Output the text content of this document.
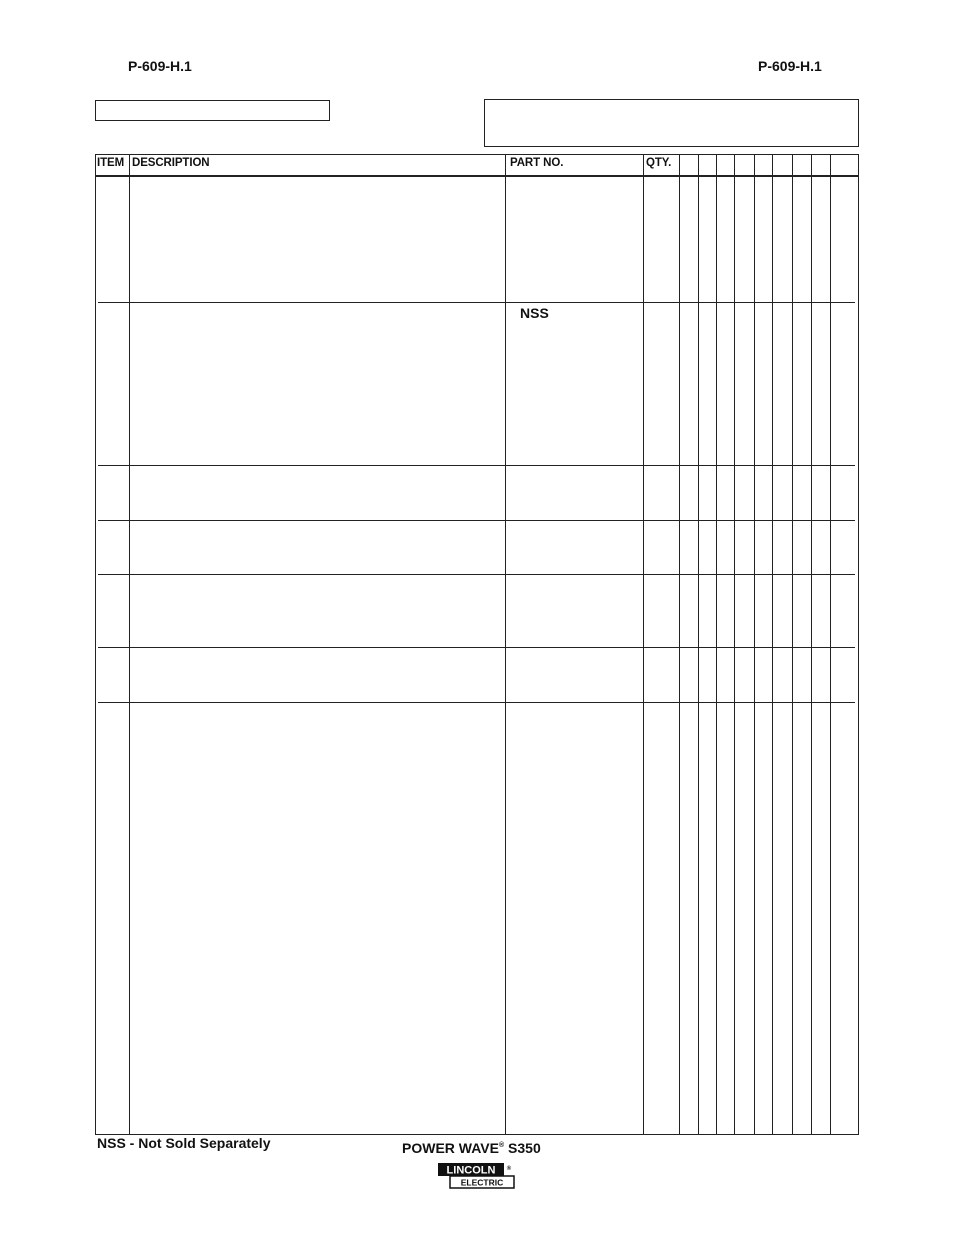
P-609-H.1	P-609-H.1
ITEM DESCRIPTION	PART NO.	QTY.
NSS
NSS - Not Sold Separately	POWER WAVE® S350
LINCOLN ®
ELECTRIC
